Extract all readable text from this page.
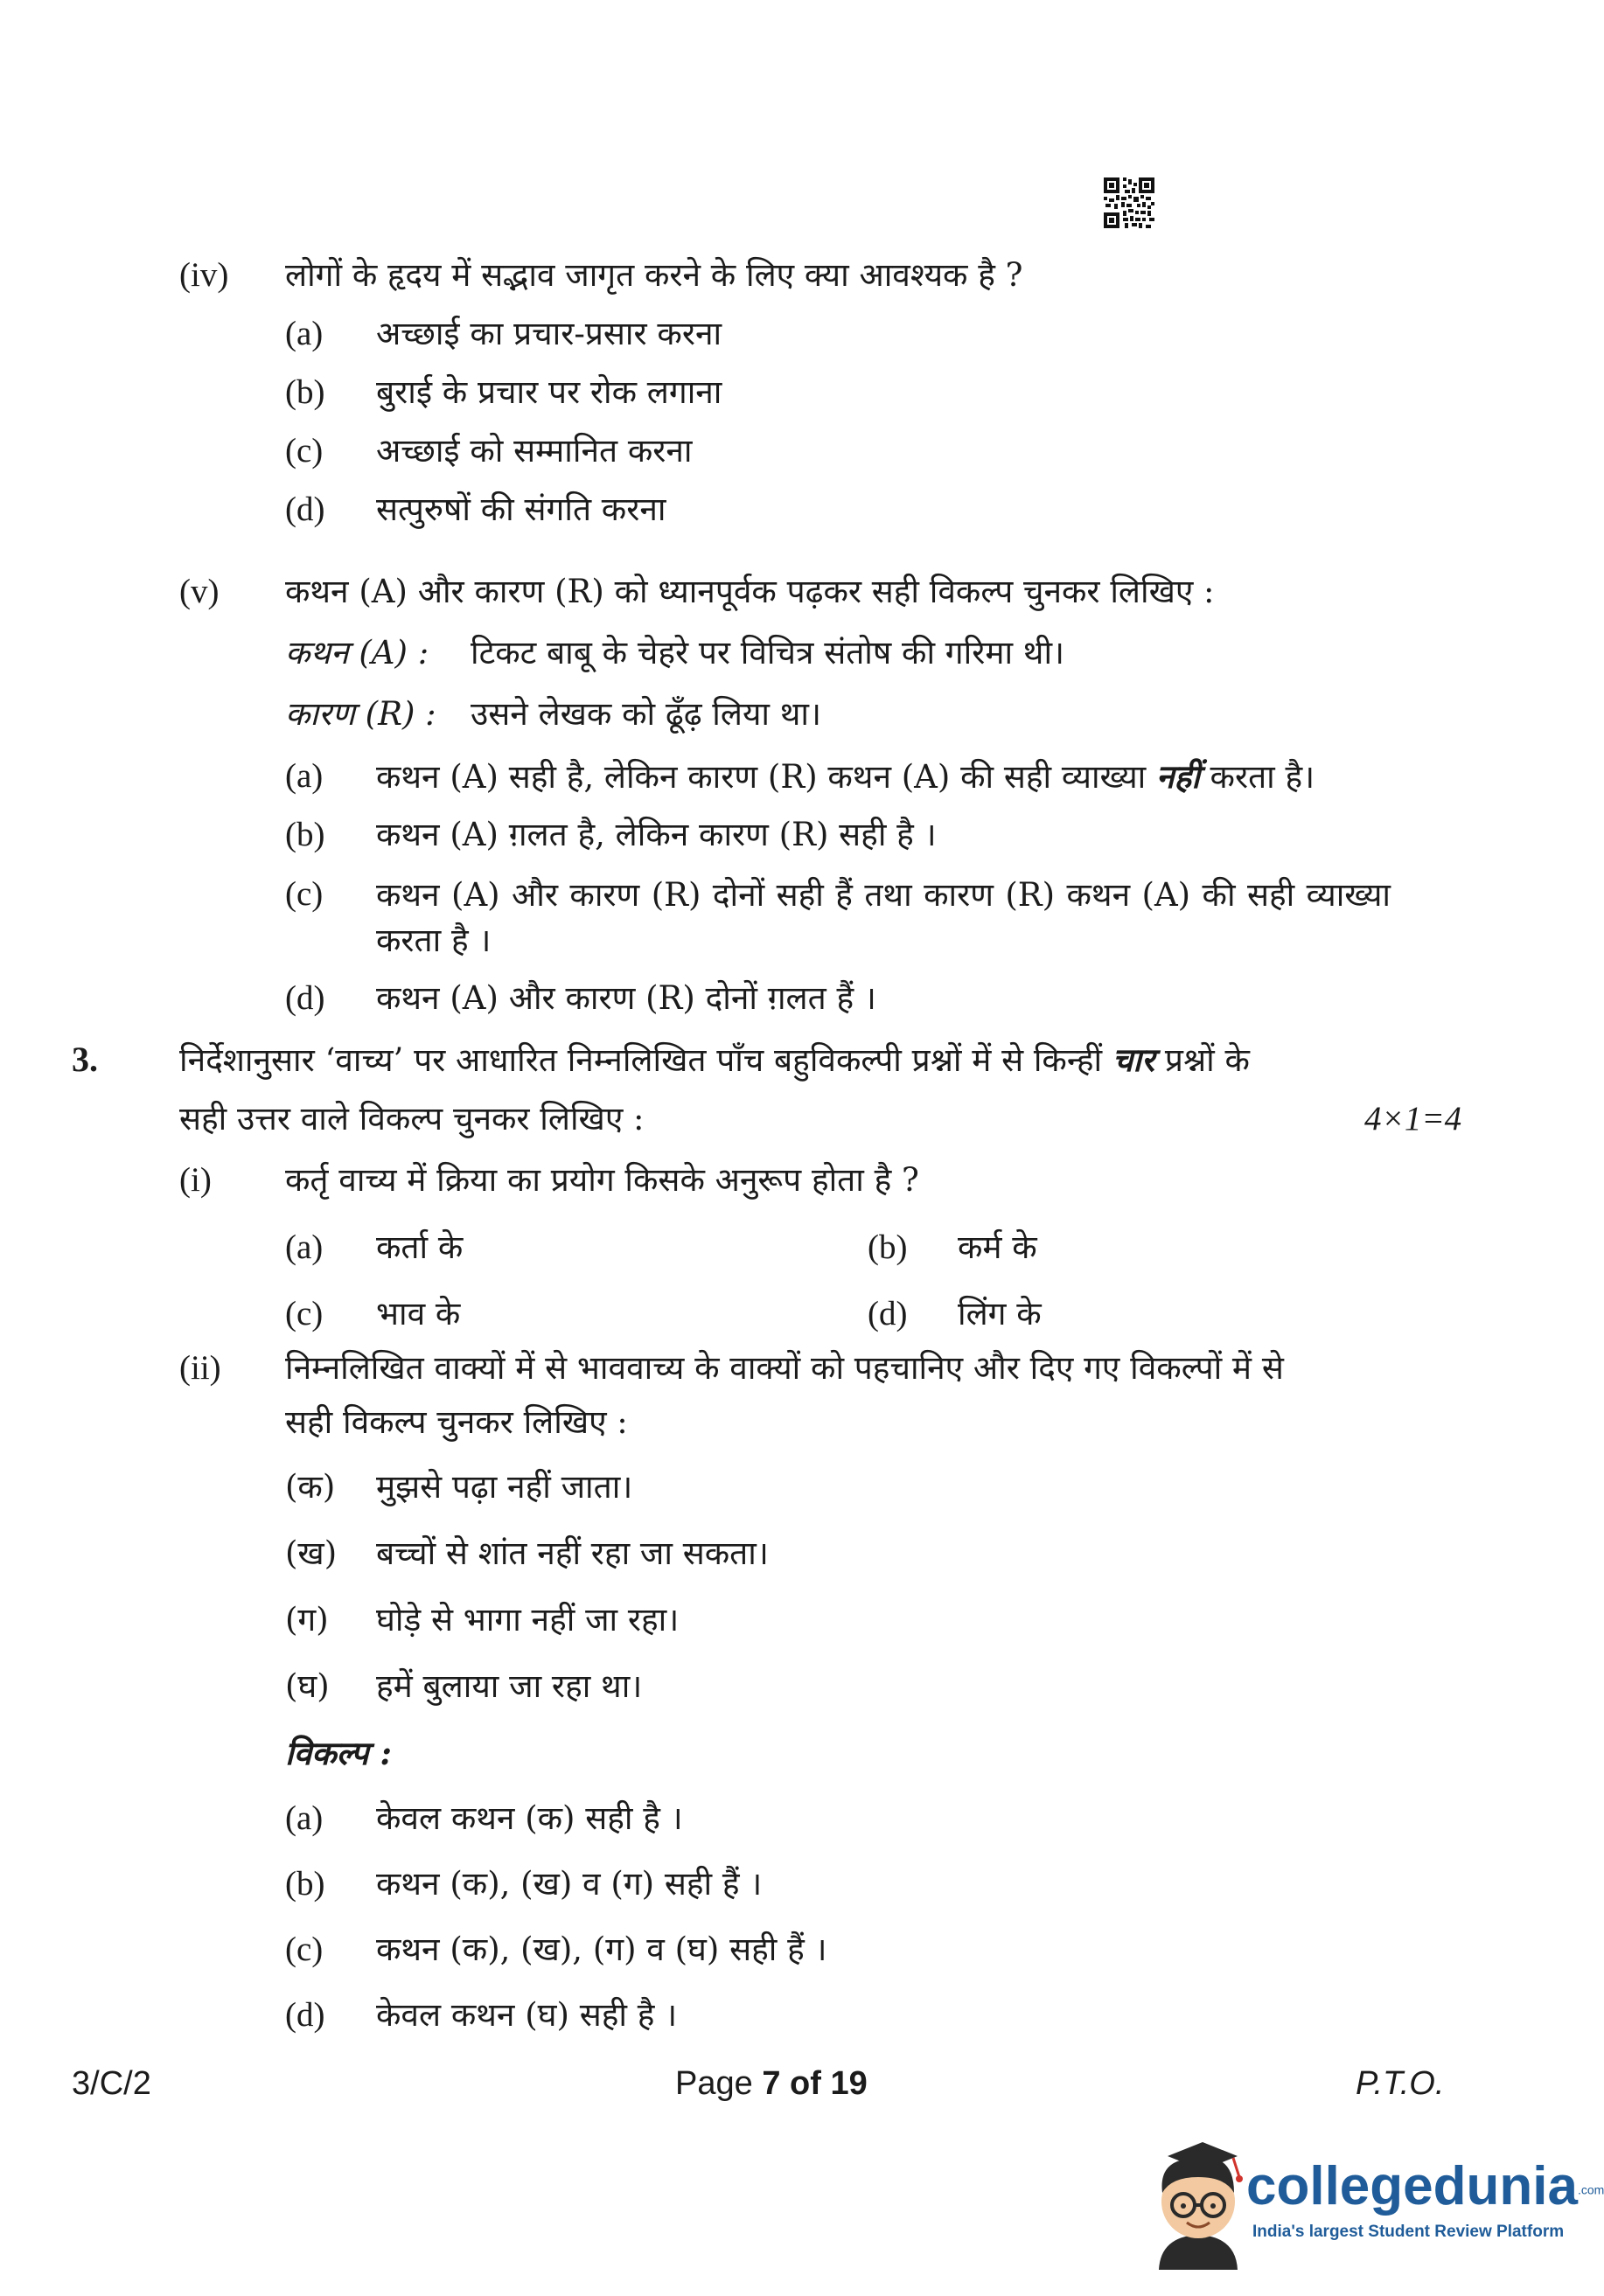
(iv) लोगों के हृदय में सद्भाव जागृत करने के लिए क्या आवश्यक है ?
(a) अच्छाई का प्रचार-प्रसार करना
(b) बुराई के प्रचार पर रोक लगाना
(c) अच्छाई को सम्मानित करना
(d) सत्पुरुषों की संगति करना
(v) कथन (A) और कारण (R) को ध्यानपूर्वक पढ़कर सही विकल्प चुनकर लिखिए :
कथन (A) : टिकट बाबू के चेहरे पर विचित्र संतोष की गरिमा थी।
कारण (R) : उसने लेखक को ढूँढ़ लिया था।
(a) कथन (A) सही है, लेकिन कारण (R) कथन (A) की सही व्याख्या नहीं करता है।
(b) कथन (A) ग़लत है, लेकिन कारण (R) सही है ।
(c) कथन (A) और कारण (R) दोनों सही हैं तथा कारण (R) कथन (A) की सही व्याख्या करता है ।
(d) कथन (A) और कारण (R) दोनों ग़लत हैं ।
3.	निर्देशानुसार ‘वाच्य’ पर आधारित निम्नलिखित पाँच बहुविकल्पी प्रश्नों में से किन्हीं चार प्रश्नों के
सही उत्तर वाले विकल्प चुनकर लिखिए :	4×1=4
(i) कर्तृ वाच्य में क्रिया का प्रयोग किसके अनुरूप होता है ?
(a) कर्ता के	(b) कर्म के
(c) भाव के	(d) लिंग के
(ii) निम्नलिखित वाक्यों में से भाववाच्य के वाक्यों को पहचानिए और दिए गए विकल्पों में से
सही विकल्प चुनकर लिखिए :
(क) मुझसे पढ़ा नहीं जाता।
(ख) बच्चों से शांत नहीं रहा जा सकता।
(ग) घोड़े से भागा नहीं जा रहा।
(घ) हमें बुलाया जा रहा था।
विकल्प :
(a) केवल कथन (क) सही है ।
(b) कथन (क), (ख) व (ग) सही हैं ।
(c) कथन (क), (ख), (ग) व (घ) सही हैं ।
(d) केवल कथन (घ) सही है ।
3/C/2	Page 7 of 19	P.T.O.
collegedunia.com
India's largest Student Review Platform
